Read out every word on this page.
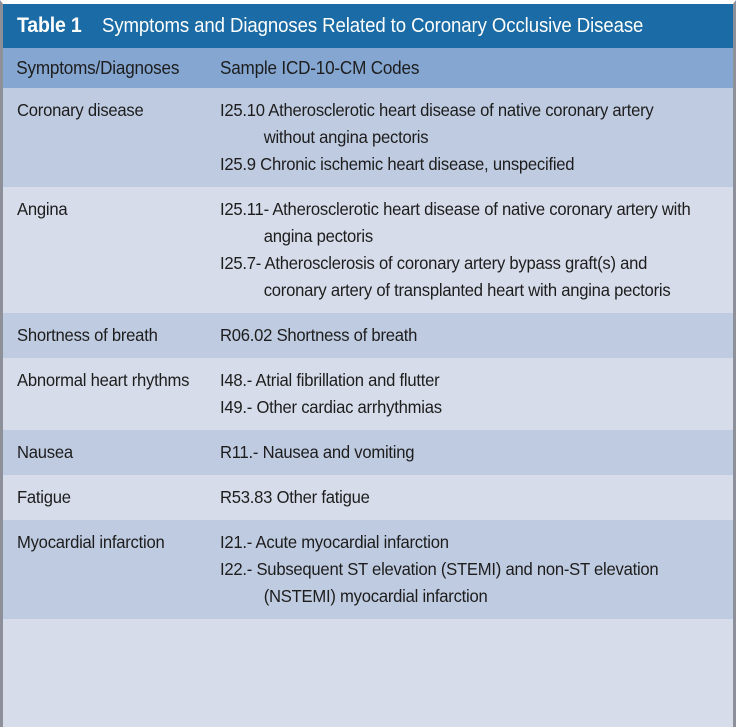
Table 1 Symptoms and Diagnoses Related to Coronary Occlusive Disease
Symptoms/Diagnoses	Sample ICD-10-CM Codes
Coronary disease	I25.10 Atherosclerotic heart disease of native coronary artery without angina pectoris
I25.9 Chronic ischemic heart disease, unspecified
Angina	I25.11- Atherosclerotic heart disease of native coronary artery with angina pectoris
I25.7- Atherosclerosis of coronary artery bypass graft(s) and coronary artery of transplanted heart with angina pectoris
Shortness of breath	R06.02 Shortness of breath
Abnormal heart rhythms	I48.- Atrial fibrillation and flutter
I49.- Other cardiac arrhythmias
Nausea	R11.- Nausea and vomiting
Fatigue	R53.83 Other fatigue
Myocardial infarction	I21.- Acute myocardial infarction
I22.- Subsequent ST elevation (STEMI) and non-ST elevation (NSTEMI) myocardial infarction
